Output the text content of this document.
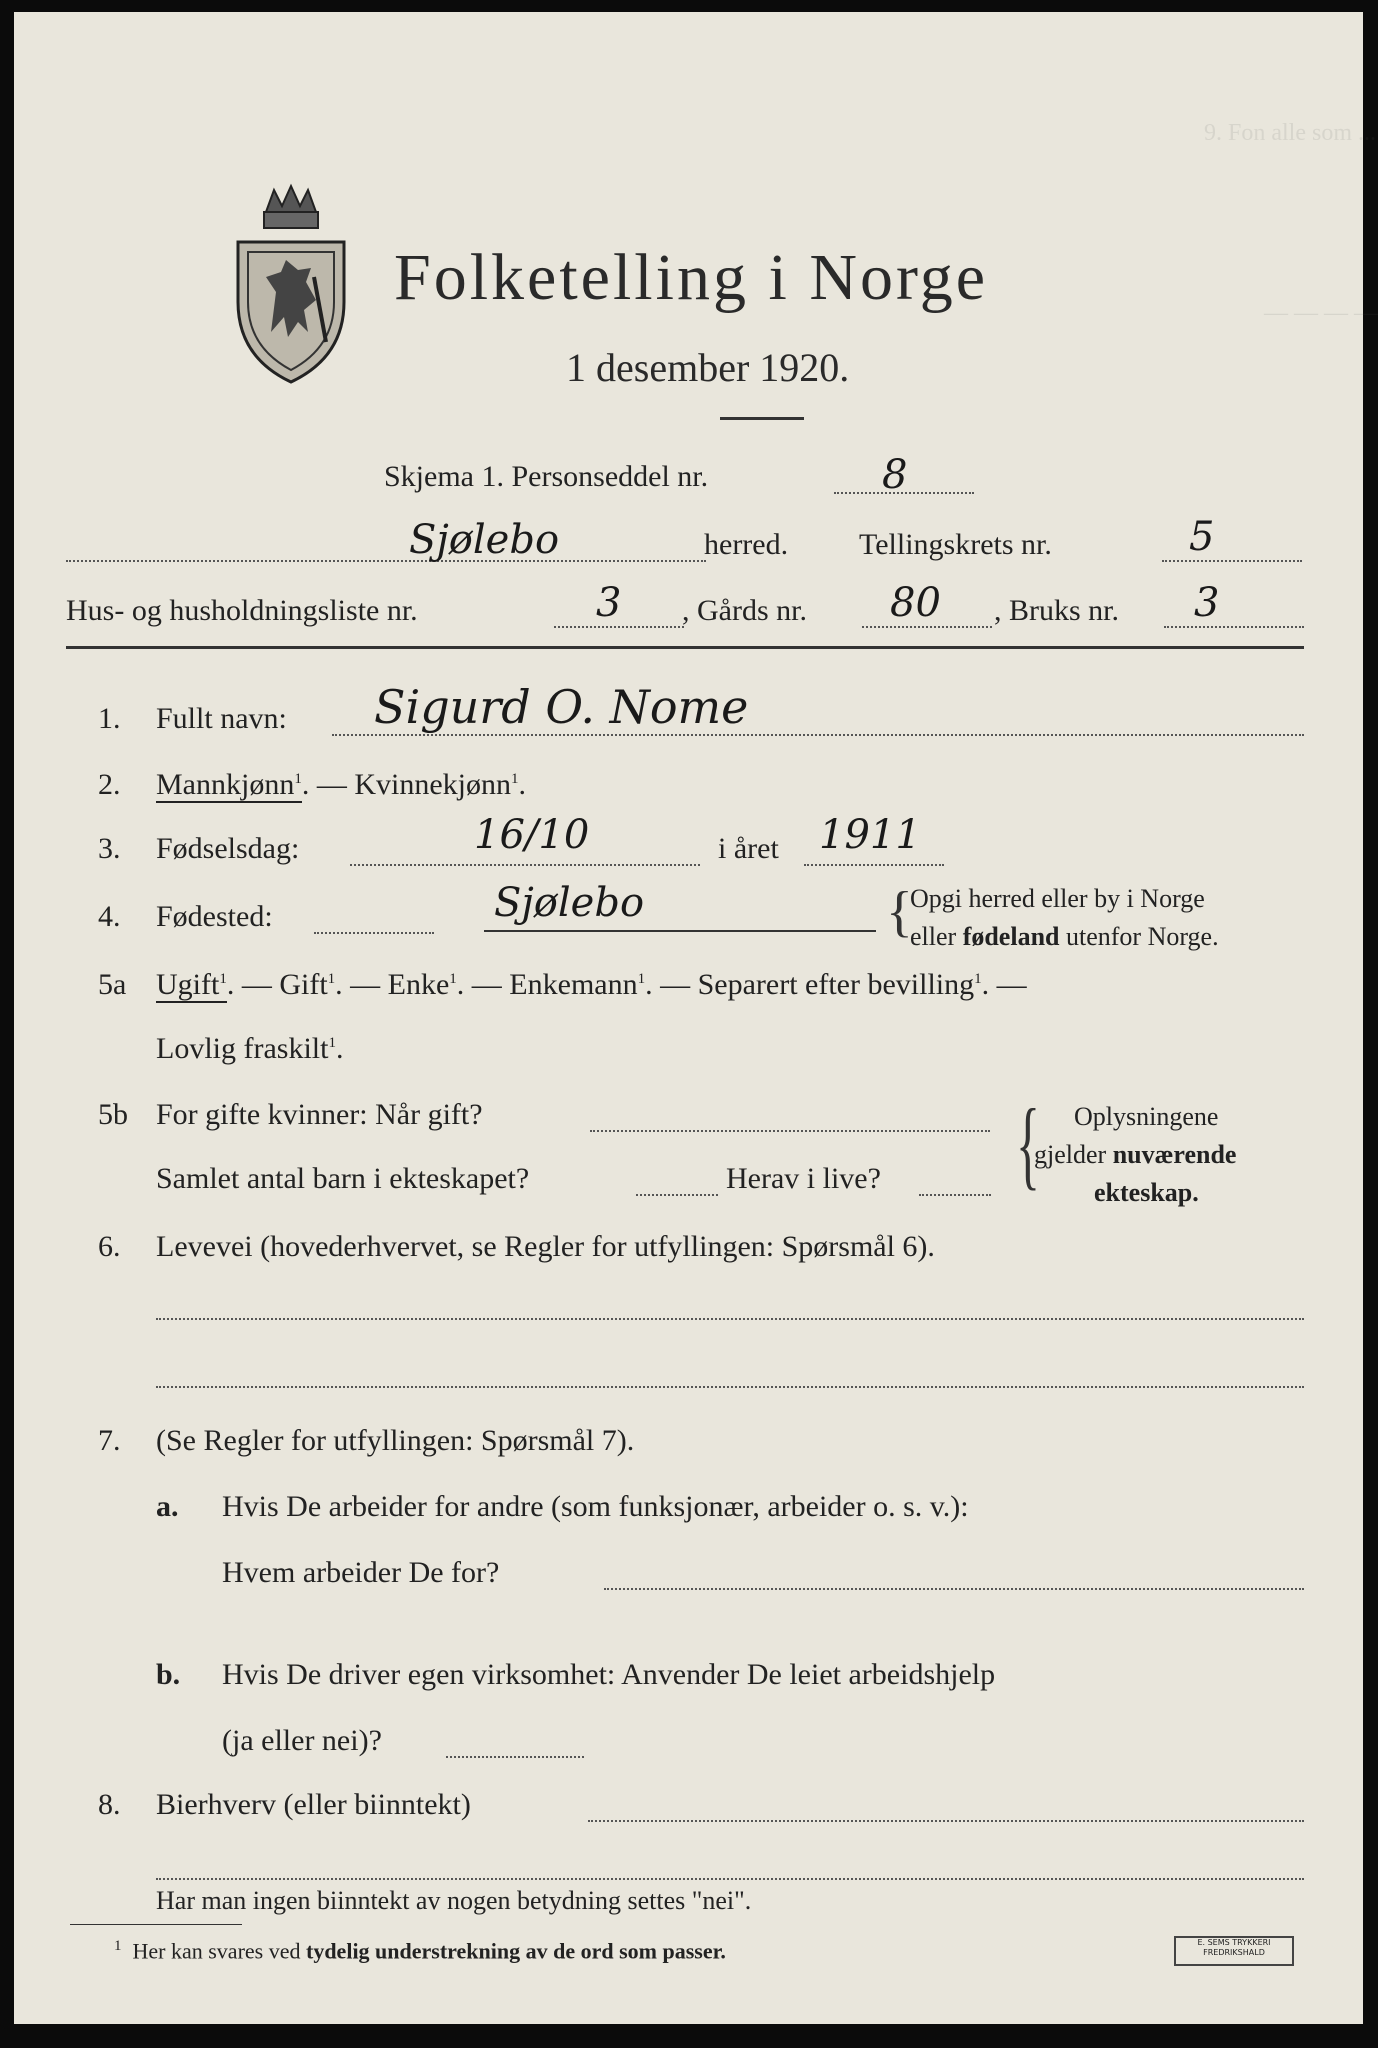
9. Fon alle som ...
— — — —
Folketelling i Norge
1 desember 1920.
Skjema 1. Personseddel nr.	8
Sjølebo	herred. Tellingskrets nr.	5
Hus- og husholdningsliste nr.	3 , Gårds nr. 80 , Bruks nr. 3
1. Fullt navn: Sigurd O. Nome
2. Mannkjønn$^1$. — Kvinnekjønn$^1$.
3. Fødselsdag:	16/10	i året 1911
4. Fødested:	Sjølebo	{
Opgi herred eller by i Norge
eller fødeland utenfor Norge.
5a Ugift$^1$. — Gift$^1$. — Enke$^1$. — Enkemann$^1$. — Separert efter bevilling$^1$. —
Lovlig fraskilt$^1$.
5b For gifte kvinner: Når gift?
Samlet antal barn i ekteskapet?	Herav i live? { Oplysningene
gjelder nuværende
ekteskap.
6. Levevei (hovederhvervet, se Regler for utfyllingen: Spørsmål 6).
7. (Se Regler for utfyllingen: Spørsmål 7).
a. Hvis De arbeider for andre (som funksjonær, arbeider o. s. v.):
Hvem arbeider De for?
b. Hvis De driver egen virksomhet: Anvender De leiet arbeidshjelp
(ja eller nei)?
8. Bierhverv (eller biinntekt)
Har man ingen biinntekt av nogen betydning settes "nei".
$^1$ Her kan svares ved tydelig understrekning av de ord som passer.	E. SEMS TRYKKERI
FREDRIKSHALD
